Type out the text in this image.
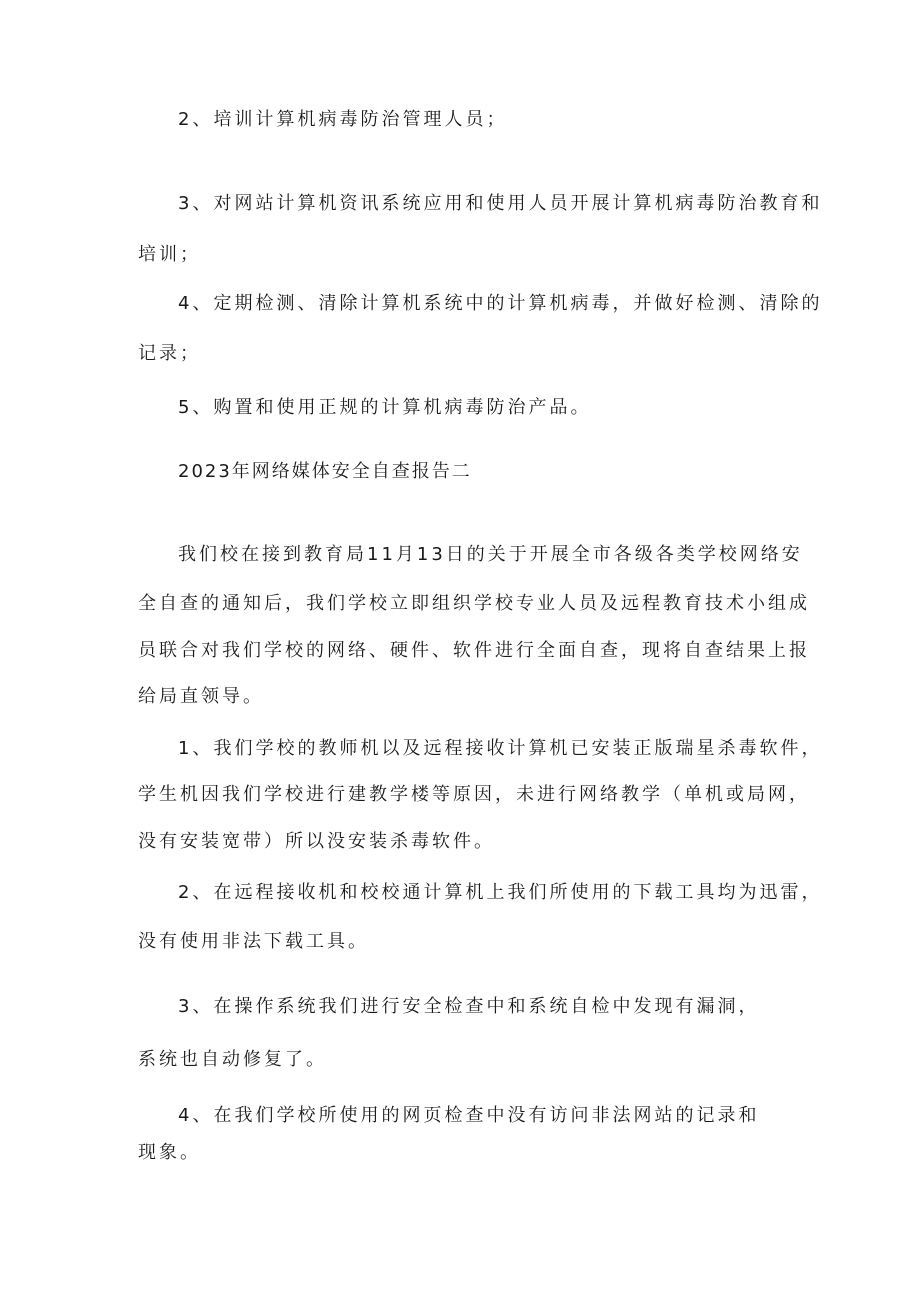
2、培训计算机病毒防治管理人员；

3、对网站计算机资讯系统应用和使用人员开展计算机病毒防治教育和

培训；

4、定期检测、清除计算机系统中的计算机病毒，并做好检测、清除的

记录；

5、购置和使用正规的计算机病毒防治产品。

2023年网络媒体安全自查报告二

我们校在接到教育局11月13日的关于开展全市各级各类学校网络安

全自查的通知后，我们学校立即组织学校专业人员及远程教育技术小组成

员联合对我们学校的网络、硬件、软件进行全面自查，现将自查结果上报

给局直领导。

1、我们学校的教师机以及远程接收计算机已安装正版瑞星杀毒软件，

学生机因我们学校进行建教学楼等原因，未进行网络教学（单机或局网，

没有安装宽带）所以没安装杀毒软件。

2、在远程接收机和校校通计算机上我们所使用的下载工具均为迅雷，

没有使用非法下载工具。

3、在操作系统我们进行安全检查中和系统自检中发现有漏洞，

系统也自动修复了。

4、在我们学校所使用的网页检查中没有访问非法网站的记录和

现象。
